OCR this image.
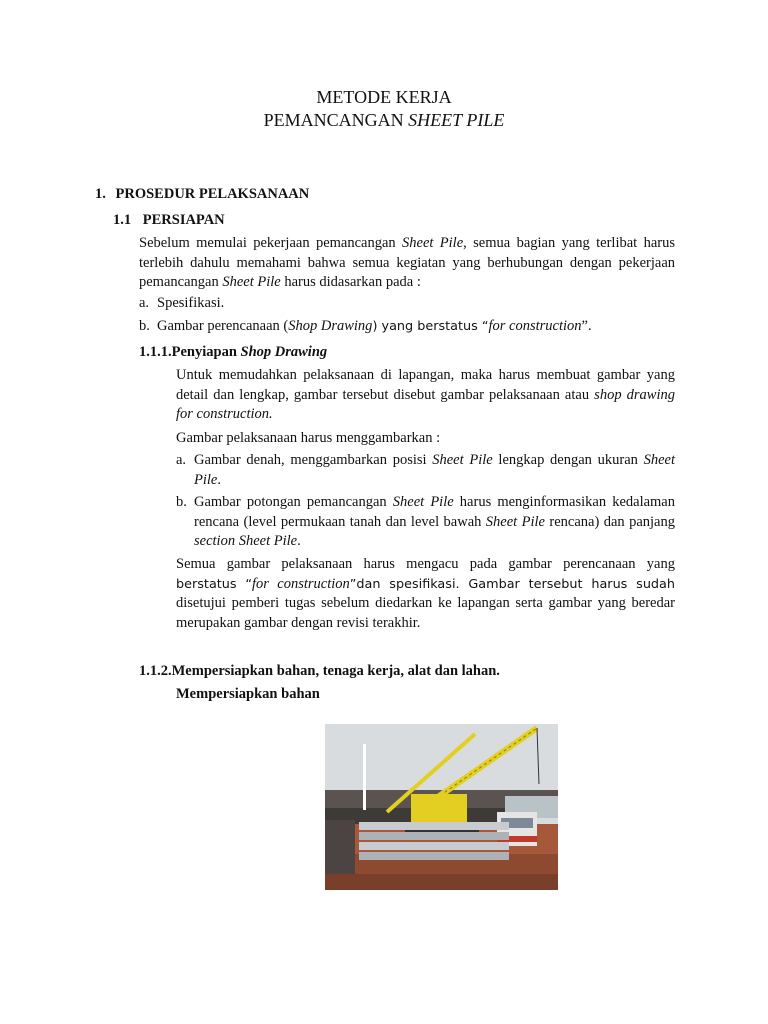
METODE KERJA
PEMANCANGAN SHEET PILE
1. PROSEDUR PELAKSANAAN
1.1 PERSIAPAN
Sebelum memulai pekerjaan pemancangan Sheet Pile, semua bagian yang terlibat harus terlebih dahulu memahami bahwa semua kegiatan yang berhubungan dengan pekerjaan pemancangan Sheet Pile harus didasarkan pada :
a. Spesifikasi.
b. Gambar perencanaan (Shop Drawing) yang berstatus “for construction”.
1.1.1.Penyiapan Shop Drawing
Untuk memudahkan pelaksanaan di lapangan, maka harus membuat gambar yang detail dan lengkap, gambar tersebut disebut gambar pelaksanaan atau shop drawing for construction.
Gambar pelaksanaan harus menggambarkan :
a. Gambar denah, menggambarkan posisi Sheet Pile lengkap dengan ukuran Sheet Pile.
b. Gambar potongan pemancangan Sheet Pile harus menginformasikan kedalaman rencana (level permukaan tanah dan level bawah Sheet Pile rencana) dan panjang section Sheet Pile.
Semua gambar pelaksanaan harus mengacu pada gambar perencanaan yang berstatus “for construction”dan spesifikasi. Gambar tersebut harus sudah disetujui pemberi tugas sebelum diedarkan ke lapangan serta gambar yang beredar merupakan gambar dengan revisi terakhir.
1.1.2.Mempersiapkan bahan, tenaga kerja, alat dan lahan.
Mempersiapkan bahan
